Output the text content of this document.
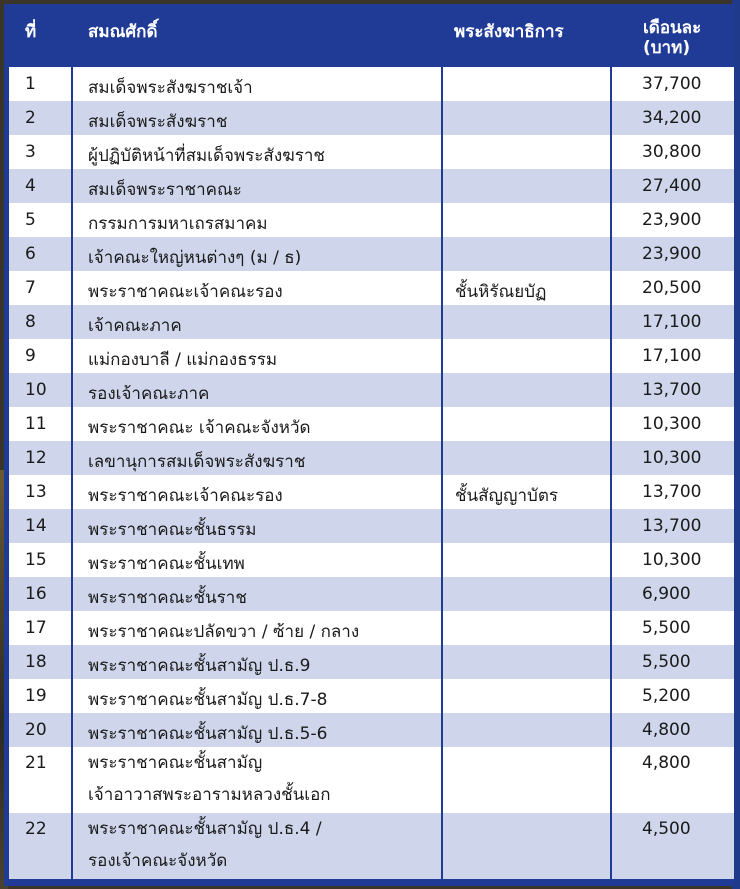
ที่	สมณศักดิ์	พระสังฆาธิการ	เดือนละ
(บาท)

1	สมเด็จพระสังฆราชเจ้า		37,700
2	สมเด็จพระสังฆราช		34,200
3	ผู้ปฏิบัติหน้าที่สมเด็จพระสังฆราช		30,800
4	สมเด็จพระราชาคณะ		27,400
5	กรรมการมหาเถรสมาคม		23,900
6	เจ้าคณะใหญ่หนต่างๆ (ม / ธ)		23,900
7	พระราชาคณะเจ้าคณะรอง	ชั้นหิรัณยบัฏ	20,500
8	เจ้าคณะภาค		17,100
9	แม่กองบาลี / แม่กองธรรม		17,100
10	รองเจ้าคณะภาค		13,700
11	พระราชาคณะ เจ้าคณะจังหวัด		10,300
12	เลขานุการสมเด็จพระสังฆราช		10,300
13	พระราชาคณะเจ้าคณะรอง	ชั้นสัญญาบัตร	13,700
14	พระราชาคณะชั้นธรรม		13,700
15	พระราชาคณะชั้นเทพ		10,300
16	พระราชาคณะชั้นราช		6,900
17	พระราชาคณะปลัดขวา / ซ้าย / กลาง		5,500
18	พระราชาคณะชั้นสามัญ ป.ธ.9		5,500
19	พระราชาคณะชั้นสามัญ ป.ธ.7-8		5,200
20	พระราชาคณะชั้นสามัญ ป.ธ.5-6		4,800
21	พระราชาคณะชั้นสามัญ
เจ้าอาวาสพระอารามหลวงชั้นเอก		4,800
22	พระราชาคณะชั้นสามัญ ป.ธ.4 /
รองเจ้าคณะจังหวัด		4,500
